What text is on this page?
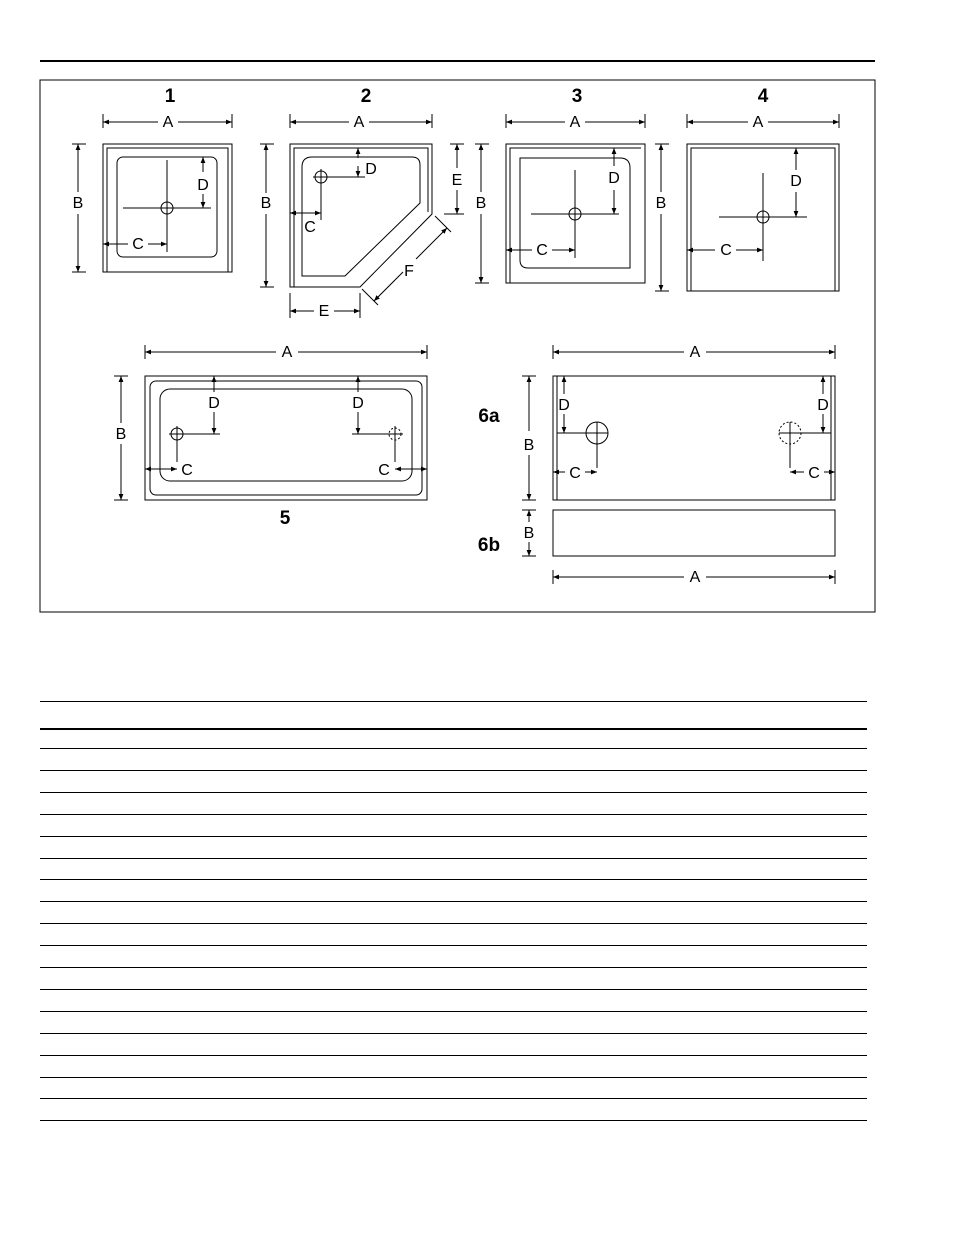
1
A
B
D
C
2
A
B
D
C
E
E
F
3
A
B
D
C
4
A
B
D
C
5
A
B
D
C
D
C
6a
A
B
D
C
D
C
6b
B
A
